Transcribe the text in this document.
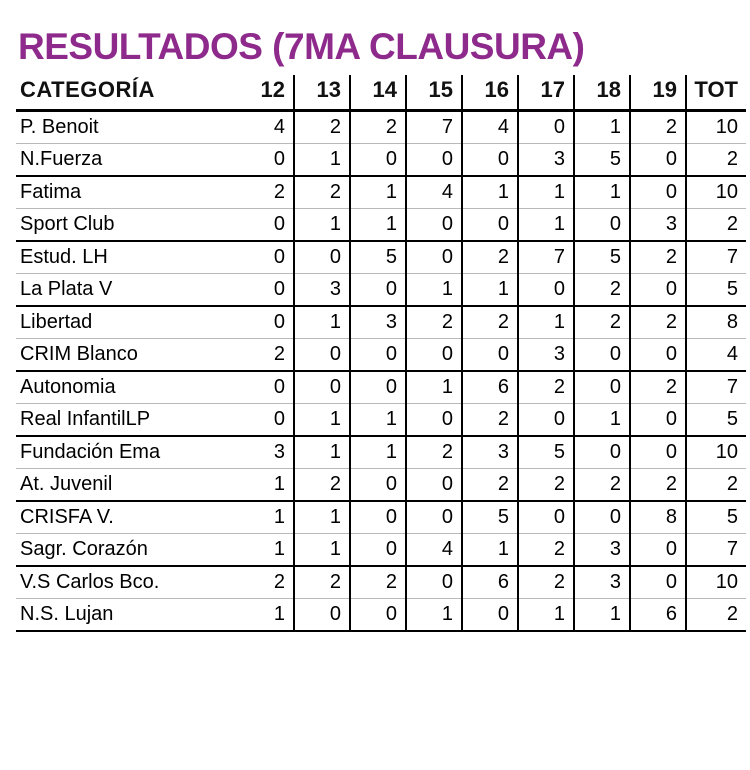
RESULTADOS (7MA CLAUSURA)
CATEGORÍA	12	13	14	15	16	17	18	19	TOT
P. Benoit	4	2	2	7	4	0	1	2	10
N.Fuerza	0	1	0	0	0	3	5	0	2
Fatima	2	2	1	4	1	1	1	0	10
Sport Club	0	1	1	0	0	1	0	3	2
Estud. LH	0	0	5	0	2	7	5	2	7
La Plata V	0	3	0	1	1	0	2	0	5
Libertad	0	1	3	2	2	1	2	2	8
CRIM Blanco	2	0	0	0	0	3	0	0	4
Autonomia	0	0	0	1	6	2	0	2	7
Real InfantilLP	0	1	1	0	2	0	1	0	5
Fundación Ema	3	1	1	2	3	5	0	0	10
At. Juvenil	1	2	0	0	2	2	2	2	2
CRISFA V.	1	1	0	0	5	0	0	8	5
Sagr. Corazón	1	1	0	4	1	2	3	0	7
V.S Carlos Bco.	2	2	2	0	6	2	3	0	10
N.S. Lujan	1	0	0	1	0	1	1	6	2
